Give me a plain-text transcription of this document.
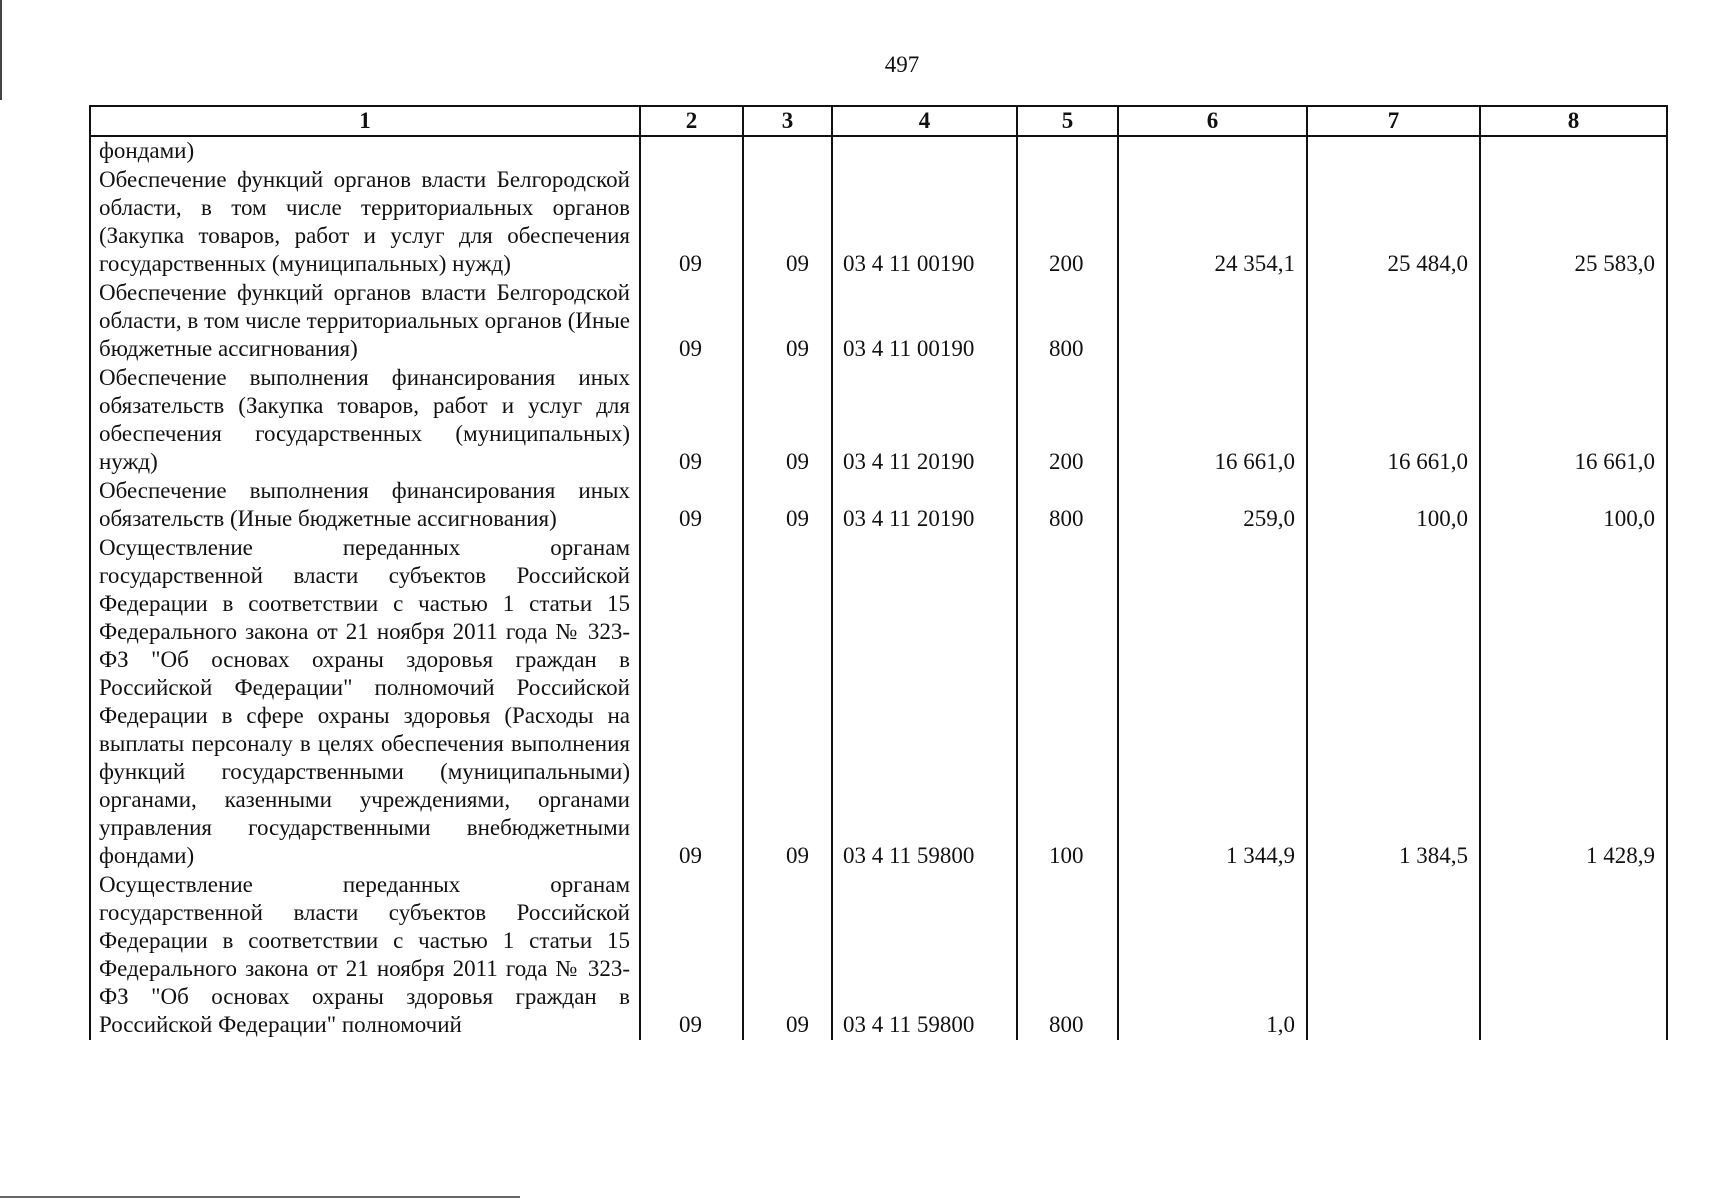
497
1	2	3	4	5	6	7	8
фондами)							
Обеспечение функций органов власти Белгородской области, в том числе территориальных органов (Закупка товаров, работ и услуг для обеспечения государственных (муниципальных) нужд)	09	09	03 4 11 00190	200	24 354,1	25 484,0	25 583,0
Обеспечение функций органов власти Белгородской области, в том числе территориальных органов (Иные бюджетные ассигнования)	09	09	03 4 11 00190	800			
Обеспечение выполнения финансирования иных обязательств (Закупка товаров, работ и услуг для обеспечения государственных (муниципальных) нужд)	09	09	03 4 11 20190	200	16 661,0	16 661,0	16 661,0
Обеспечение выполнения финансирования иных обязательств (Иные бюджетные ассигнования)	09	09	03 4 11 20190	800	259,0	100,0	100,0
Осуществление переданных органам государственной власти субъектов Российской Федерации в соответствии с частью 1 статьи 15 Федерального закона от 21 ноября 2011 года № 323-ФЗ "Об основах охраны здоровья граждан в Российской Федерации" полномочий Российской Федерации в сфере охраны здоровья (Расходы на выплаты персоналу в целях обеспечения выполнения функций государственными (муниципальными) органами, казенными учреждениями, органами управления государственными внебюджетными фондами)	09	09	03 4 11 59800	100	1 344,9	1 384,5	1 428,9
Осуществление переданных органам государственной власти субъектов Российской Федерации в соответствии с частью 1 статьи 15 Федерального закона от 21 ноября 2011 года № 323-ФЗ "Об основах охраны здоровья граждан в Российской Федерации" полномочий	09	09	03 4 11 59800	800	1,0		
